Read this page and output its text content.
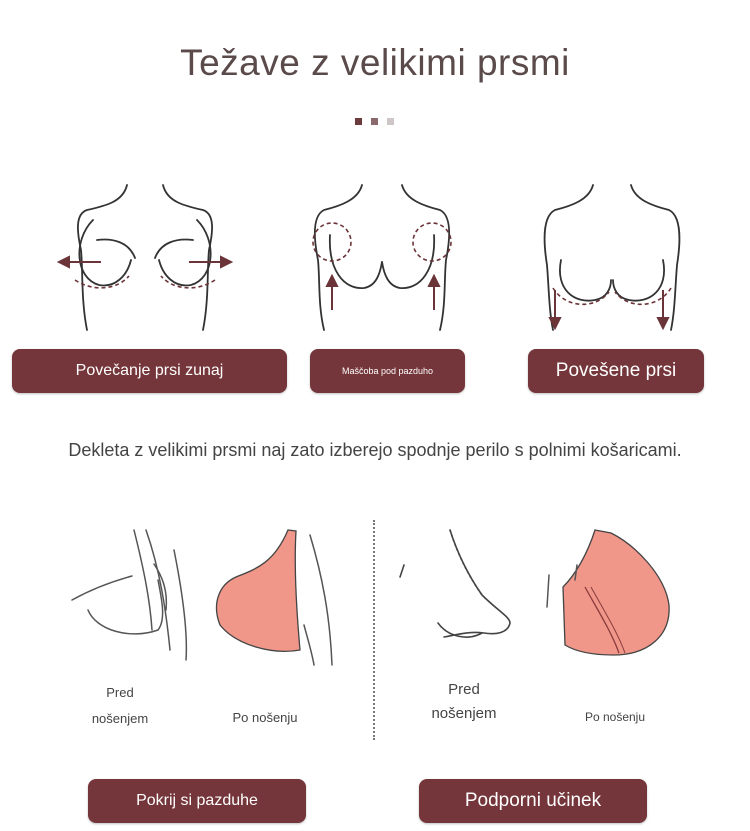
Težave z velikimi prsmi
Povečanje prsi zunaj	Maščoba pod pazduho	Povešene prsi
Dekleta z velikimi prsmi naj zato izberejo spodnje perilo s polnimi košaricami.
Pred
nošenjem	Po nošenju
Pred
nošenjem	Po nošenju
Pokrij si pazduhe	Podporni učinek
